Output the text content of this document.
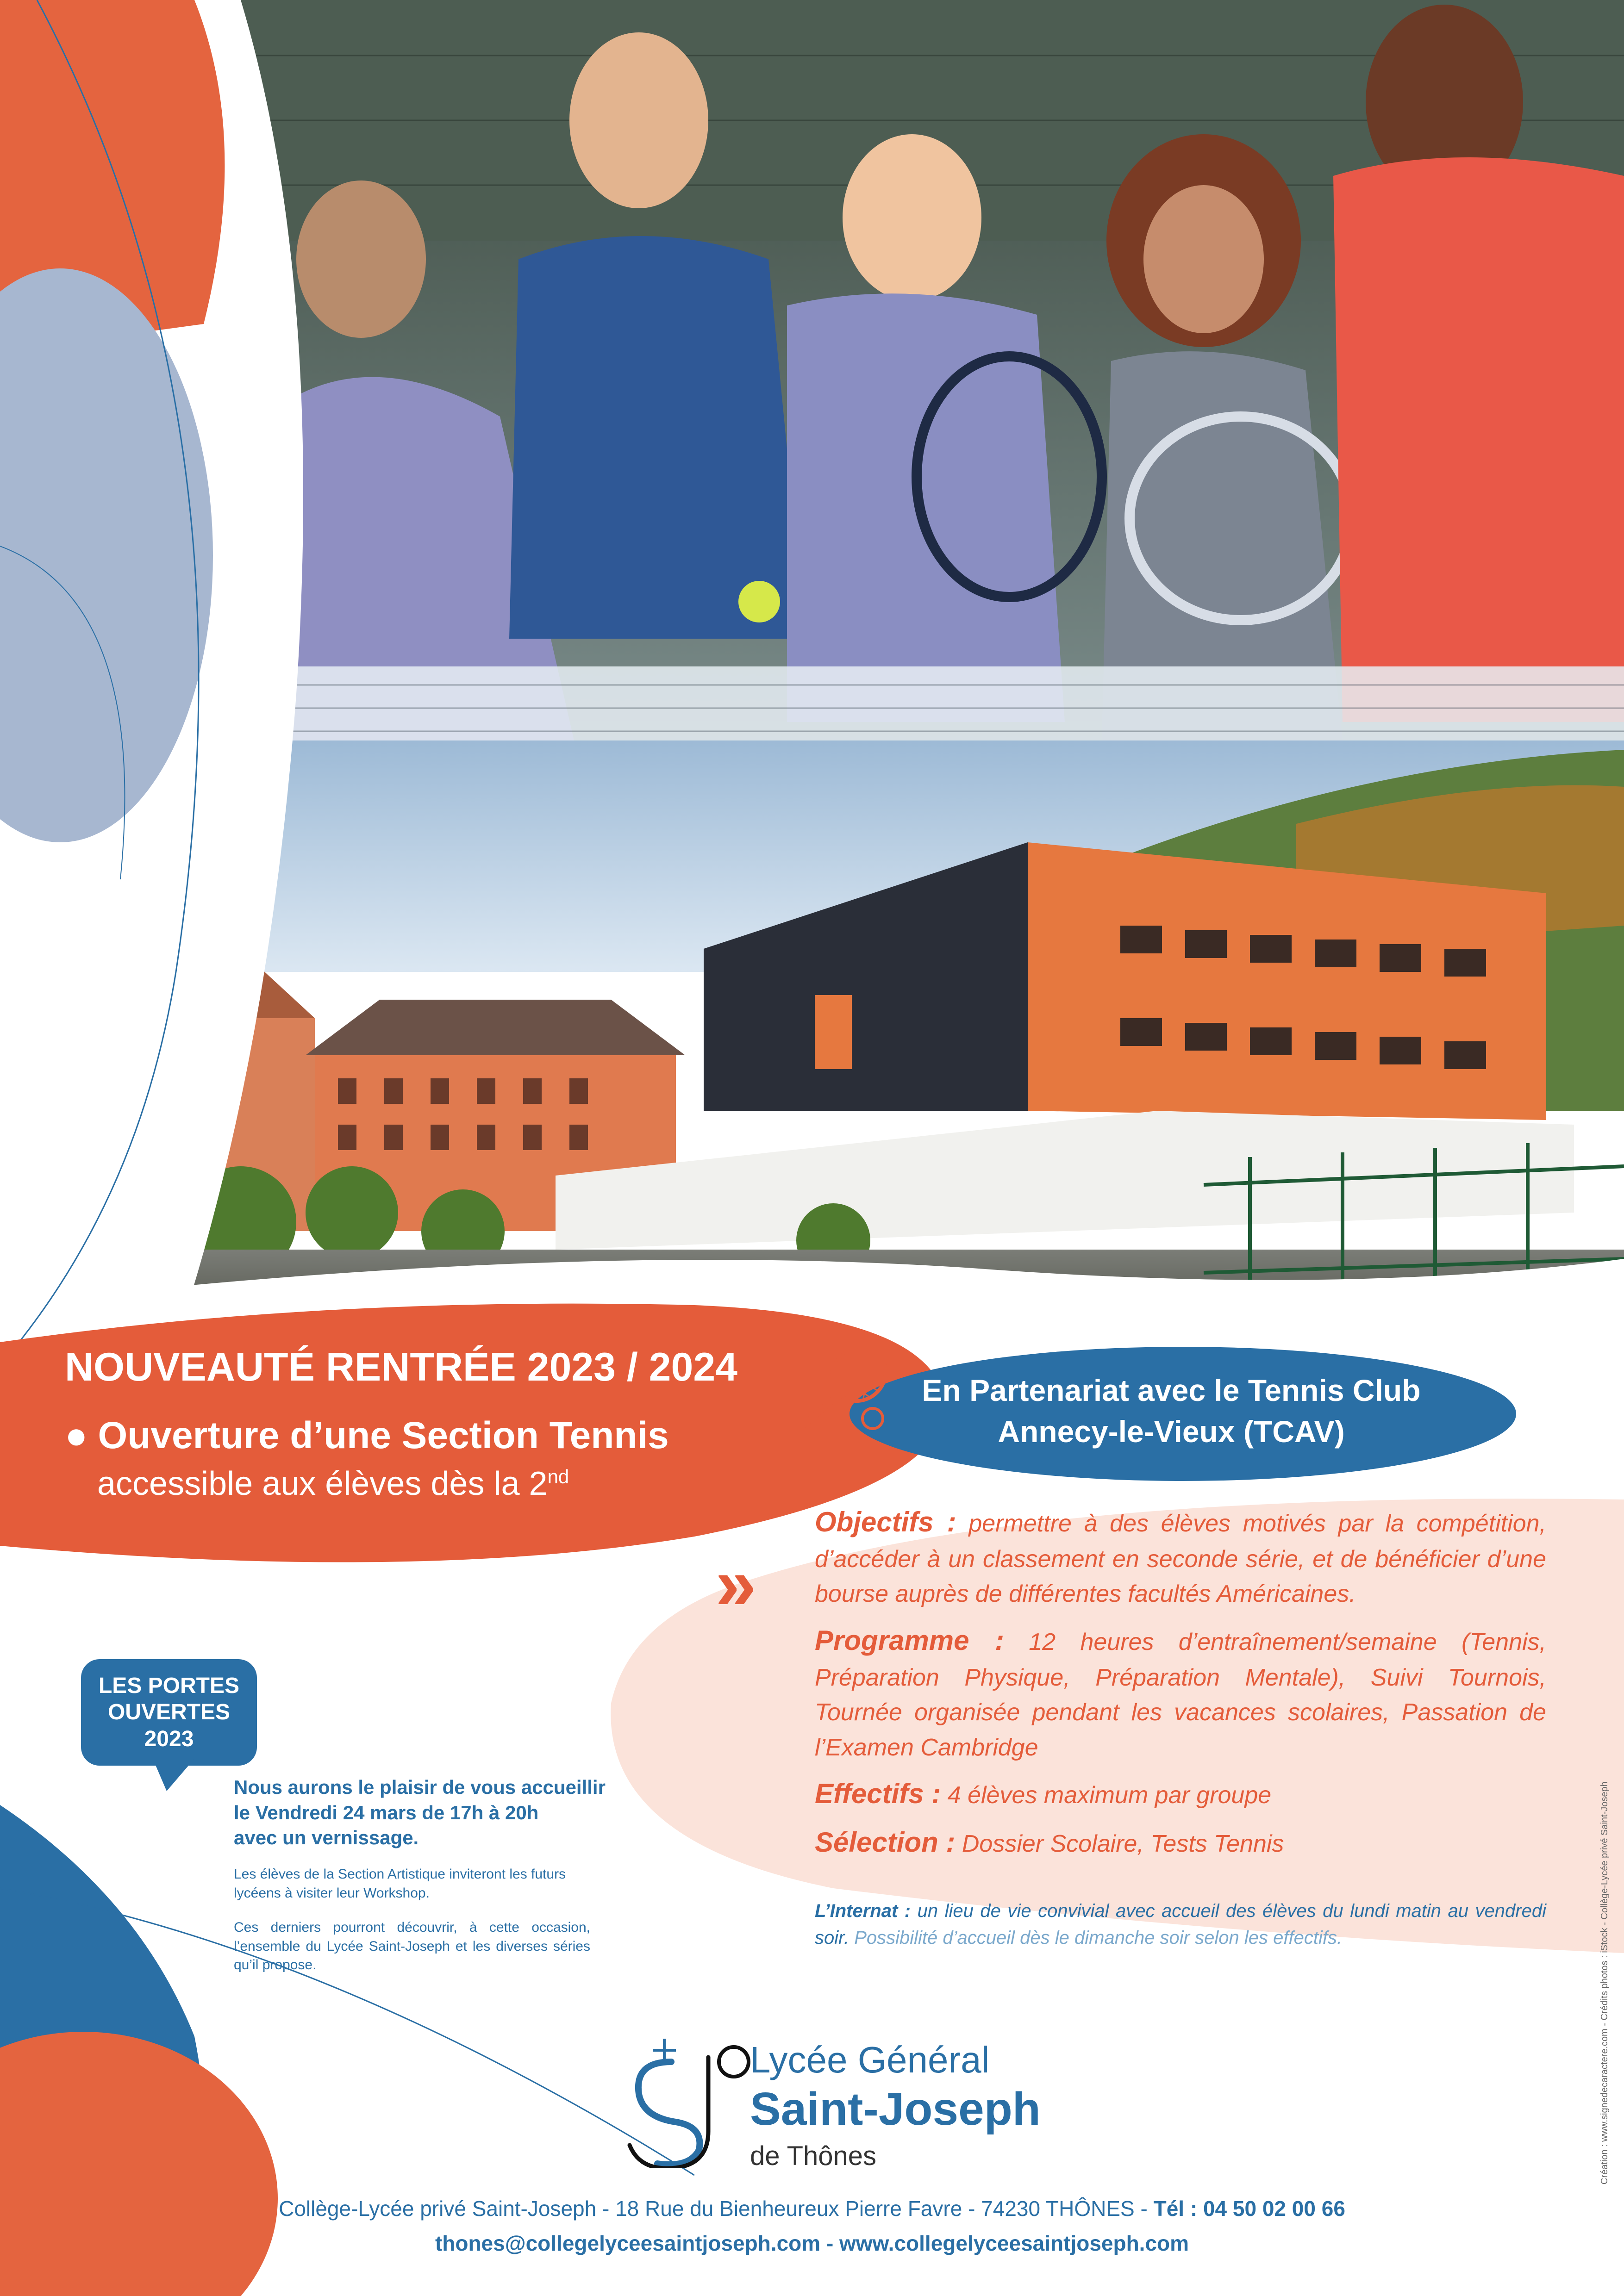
NOUVEAUTÉ RENTRÉE 2023 / 2024
● Ouverture d’une Section Tennis
accessible aux élèves dès la 2nd
En Partenariat avec le Tennis Club
Annecy-le-Vieux (TCAV)
»

Objectifs : permettre à des élèves motivés par la compétition, d’accéder à un classement en seconde série, et de bénéficier d’une bourse auprès de différentes facultés Américaines.

Programme : 12 heures d’entraînement/semaine (Tennis, Préparation Physique, Préparation Mentale), Suivi Tournois, Tournée organisée pendant les vacances scolaires, Passation de l’Examen Cambridge

Effectifs : 4 élèves maximum par groupe

Sélection : Dossier Scolaire, Tests Tennis

L’Internat : un lieu de vie convivial avec accueil des élèves du lundi matin au vendredi soir. Possibilité d’accueil dès le dimanche soir selon les effectifs.
LES PORTES
OUVERTES
2023
Nous aurons le plaisir de vous accueillir
le Vendredi 24 mars de 17h à 20h
avec un vernissage.
Les élèves de la Section Artistique inviteront les futurs lycéens à visiter leur Workshop.
Ces derniers pourront découvrir, à cette occasion, l’ensemble du Lycée Saint-Joseph et les diverses séries qu’il propose.
Lycée Général
Saint-Joseph
de Thônes
Collège-Lycée privé Saint-Joseph - 18 Rue du Bienheureux Pierre Favre - 74230 THÔNES - Tél : 04 50 02 00 66
thones@collegelyceesaintjoseph.com - www.collegelyceesaintjoseph.com
Création : www.signedecaractere.com - Crédits photos : iStock - Collège-Lycée privé Saint-Joseph
